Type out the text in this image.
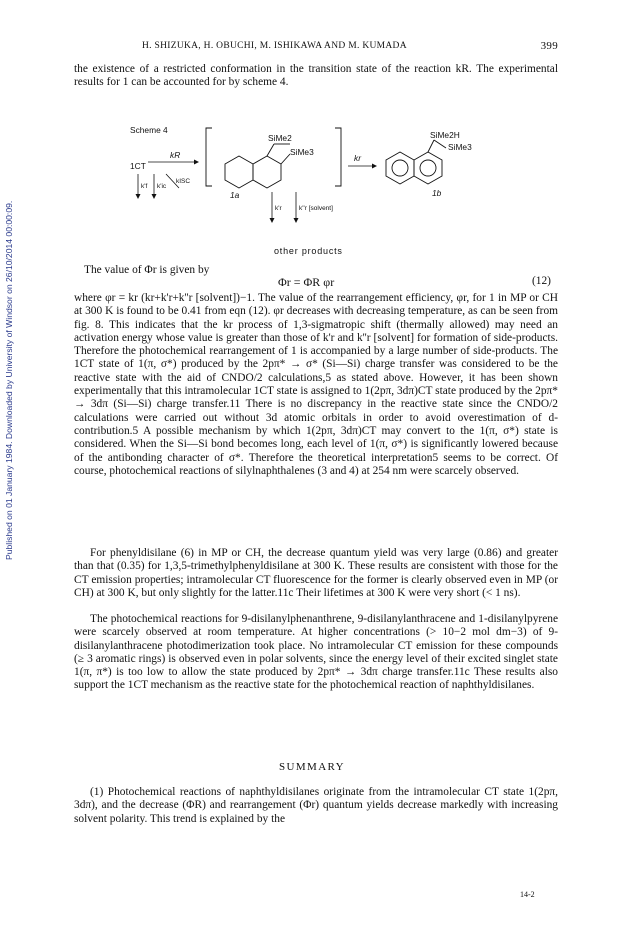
Published on 01 January 1984. Downloaded by University of Windsor on 26/10/2014 00:00:09.
H. SHIZUKA, H. OBUCHI, M. ISHIKAWA AND M. KUMADA	399

the existence of a restricted conformation in the transition state of the reaction kR. The experimental results for 1 can be accounted for by scheme 4.

Scheme 4
1CT
kR
k'f k'ic
kISC
SiMe2
SiMe3
1a
kr
SiMe2H
SiMe3
1b
k'r	k''r [solvent]
other products
The value of Φr is given by
Φr = ΦR φr	(12)

where φr = kr (kr+k'r+k''r [solvent])−1. The value of the rearrangement efficiency, φr, for 1 in MP or CH at 300 K is found to be 0.41 from eqn (12). φr decreases with decreasing temperature, as can be seen from fig. 8. This indicates that the kr process of 1,3-sigmatropic shift (thermally allowed) may need an activation energy whose value is greater than those of k'r and k''r [solvent] for formation of side-products. Therefore the photochemical rearrangement of 1 is accompanied by a large number of side-products. The 1CT state of 1(π, σ*) produced by the 2pπ* → σ* (Si—Si) charge transfer was considered to be the reactive state with the aid of CNDO/2 calculations,5 as stated above. However, it has been shown experimentally that this intramolecular 1CT state is assigned to 1(2pπ, 3dπ)CT state produced by the 2pπ* → 3dπ (Si—Si) charge transfer.11 There is no discrepancy in the reactive state since the CNDO/2 calculations were carried out without 3d atomic orbitals in order to avoid overestimation of d-contribution.5 A possible mechanism by which 1(2pπ, 3dπ)CT may convert to the 1(π, σ*) state is considered. When the Si—Si bond becomes long, each level of 1(π, σ*) is significantly lowered because of the antibonding character of σ*. Therefore the theoretical interpretation5 seems to be correct. Of course, photochemical reactions of silylnaphthalenes (3 and 4) at 254 nm were scarcely observed.

For phenyldisilane (6) in MP or CH, the decrease quantum yield was very large (0.86) and greater than that (0.35) for 1,3,5-trimethylphenyldisilane at 300 K. These results are consistent with those for the CT emission properties; intramolecular CT fluorescence for the former is clearly observed even in MP (or CH) at 300 K, but only slightly for the latter.11c Their lifetimes at 300 K were very short (< 1 ns).

The photochemical reactions for 9-disilanylphenanthrene, 9-disilanylanthracene and 1-disilanylpyrene were scarcely observed at room temperature. At higher concentrations (> 10−2 mol dm−3) of 9-disilanylanthracene photodimerization took place. No intramolecular CT emission for these compounds (≥ 3 aromatic rings) is observed even in polar solvents, since the energy level of their excited singlet state 1(π, π*) is too low to allow the state produced by 2pπ* → 3dπ charge transfer.11c These results also support the 1CT mechanism as the reactive state for the photochemical reaction of naphthyldisilanes.

SUMMARY

(1) Photochemical reactions of naphthyldisilanes originate from the intramolecular CT state 1(2pπ, 3dπ), and the decrease (ΦR) and rearrangement (Φr) quantum yields decrease markedly with increasing solvent polarity. This trend is explained by the

14-2
